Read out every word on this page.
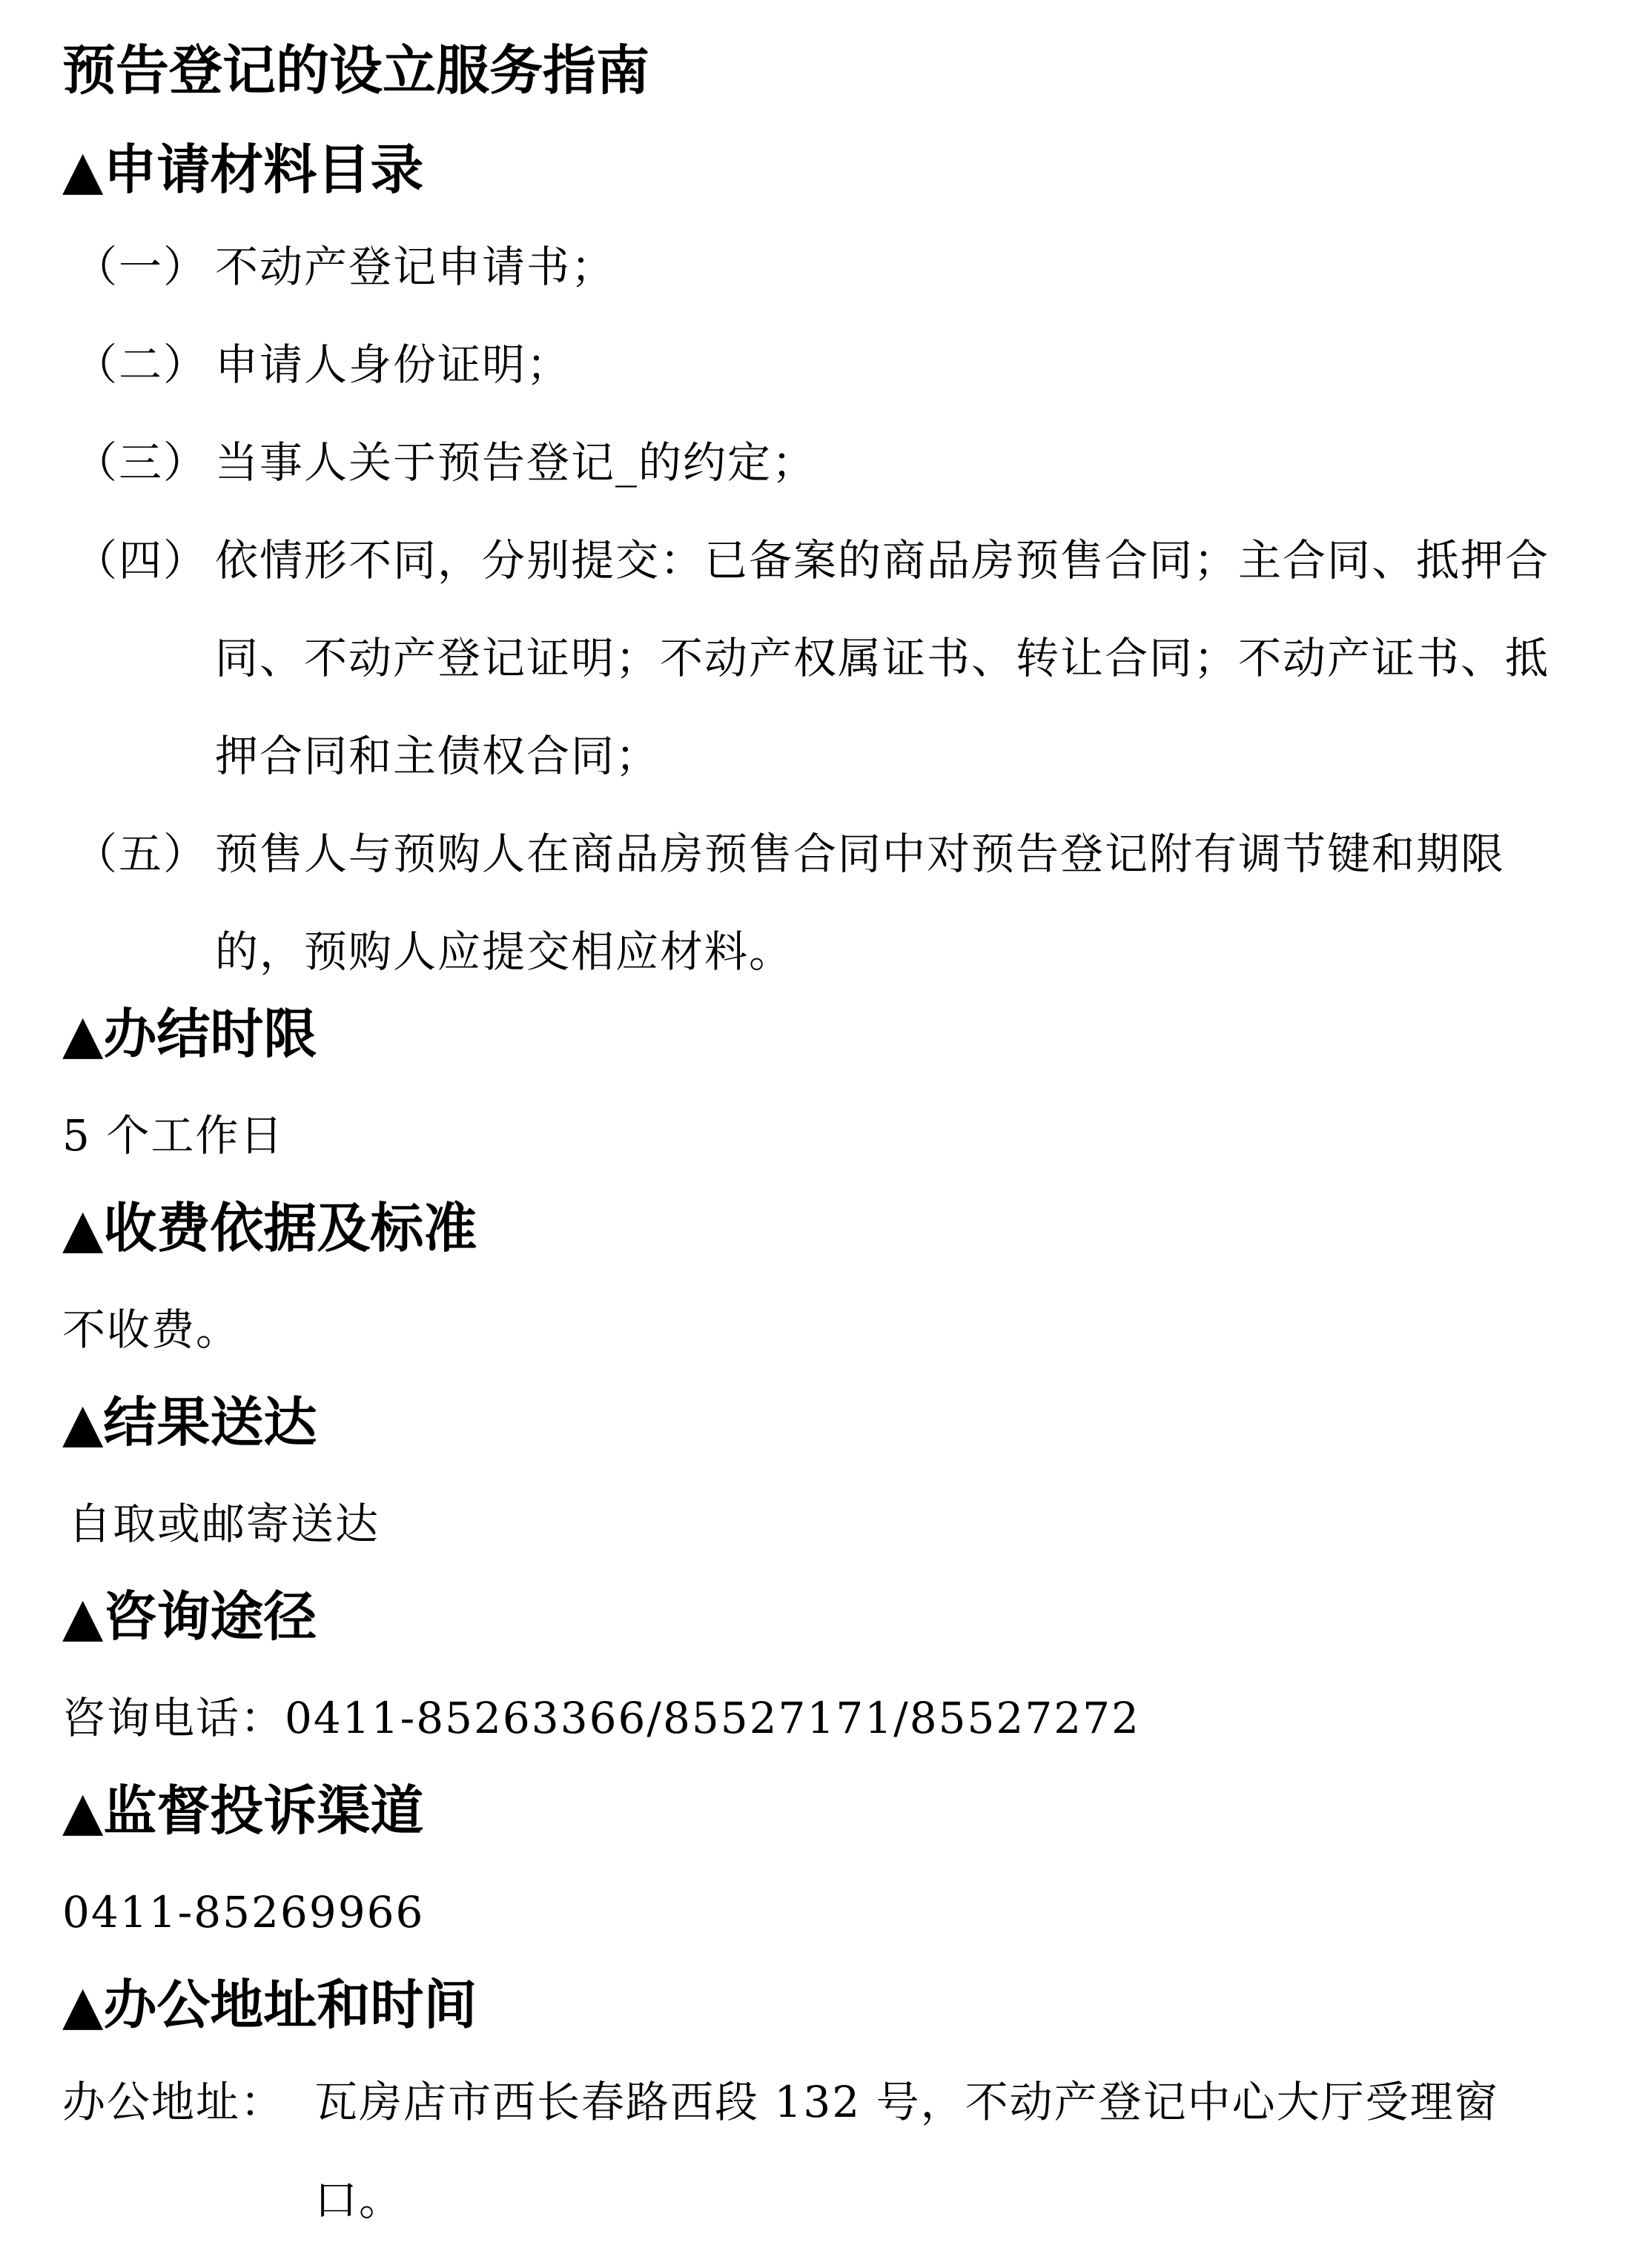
预告登记的设立服务指南
▲申请材料目录
（一） 不动产登记申请书；
（二） 申请人身份证明；
（三） 当事人关于预告登记_的约定；
（四） 依情形不同，分别提交：已备案的商品房预售合同；主合同、抵押合同、不动产登记证明；不动产权属证书、转让合同；不动产证书、抵押合同和主债权合同；
（五） 预售人与预购人在商品房预售合同中对预告登记附有调节键和期限的，预购人应提交相应材料。
▲办结时限
5 个工作日
▲收费依据及标准
不收费。
▲结果送达
自取或邮寄送达
▲咨询途径
咨询电话：0411-85263366/85527171/85527272
▲监督投诉渠道
0411-85269966
▲办公地址和时间
办公地址： 瓦房店市西长春路西段 132 号，不动产登记中心大厅受理窗口。
